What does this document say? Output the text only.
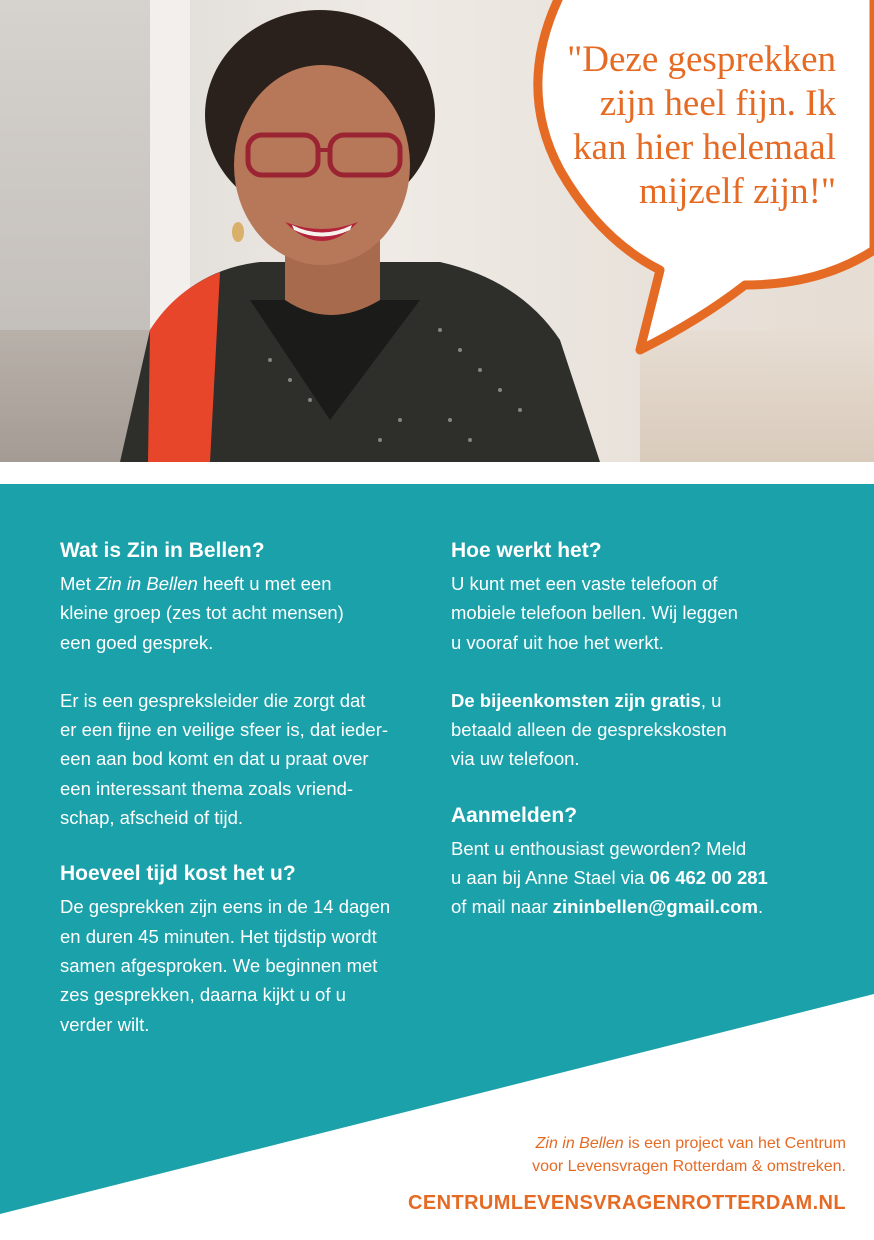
"Deze gesprekken
zijn heel fijn. Ik
kan hier helemaal
mijzelf zijn!"

Wat is Zin in Bellen?

Met Zin in Bellen heeft u met een
kleine groep (zes tot acht mensen)
een goed gesprek.

Er is een gespreksleider die zorgt dat
er een fijne en veilige sfeer is, dat ieder-
een aan bod komt en dat u praat over
een interessant thema zoals vriend-
schap, afscheid of tijd.

Hoeveel tijd kost het u?

De gesprekken zijn eens in de 14 dagen
en duren 45 minuten. Het tijdstip wordt
samen afgesproken. We beginnen met
zes gesprekken, daarna kijkt u of u
verder wilt.

Hoe werkt het?

U kunt met een vaste telefoon of
mobiele telefoon bellen. Wij leggen
u vooraf uit hoe het werkt.

De bijeenkomsten zijn gratis, u
betaald alleen de gesprekskosten
via uw telefoon.

Aanmelden?

Bent u enthousiast geworden? Meld
u aan bij Anne Stael via 06 462 00 281
of mail naar zininbellen@gmail.com.

Zin in Bellen is een project van het Centrum
voor Levensvragen Rotterdam & omstreken.
CENTRUMLEVENSVRAGENROTTERDAM.NL
